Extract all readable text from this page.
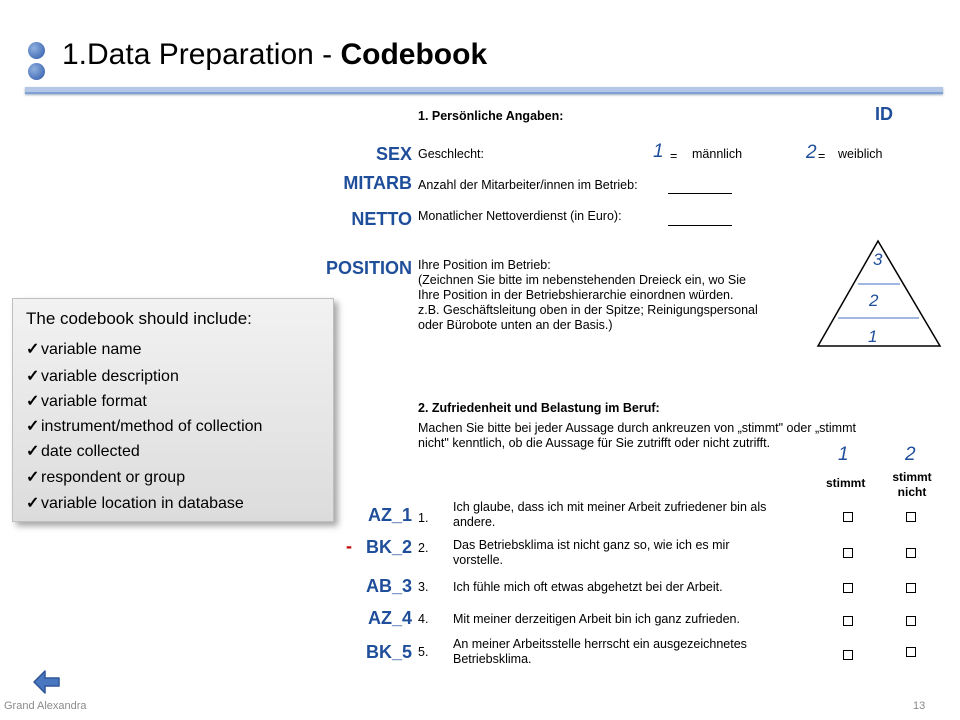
1.Data Preparation - Codebook
ID
1. Persönliche Angaben:
SEX Geschlecht:	1 = männlich	2 = weiblich
MITARB Anzahl der Mitarbeiter/innen im Betrieb:
NETTO Monatlicher Nettoverdienst (in Euro):
POSITION Ihre Position im Betrieb:
(Zeichnen Sie bitte im nebenstehenden Dreieck ein, wo Sie
Ihre Position in der Betriebshierarchie einordnen würden.
z.B. Geschäftsleitung oben in der Spitze; Reinigungspersonal
oder Bürobote unten an der Basis.)
3
2
1
The codebook should include:
✓variable name
✓variable description
✓variable format
✓instrument/method of collection
✓date collected
✓respondent or group
✓variable location in database
2. Zufriedenheit und Belastung im Beruf:
Machen Sie bitte bei jeder Aussage durch ankreuzen von „stimmt" oder „stimmt
nicht" kenntlich, ob die Aussage für Sie zutrifft oder nicht zutrifft.
1	2
stimmt stimmt
nicht
AZ_1 1.
Ich glaube, dass ich mit meiner Arbeit zufriedener bin als
andere.
- BK_2 2. Das Betriebsklima ist nicht ganz so, wie ich es mir
vorstelle.
AB_3 3. Ich fühle mich oft etwas abgehetzt bei der Arbeit.
AZ_4 4. Mit meiner derzeitigen Arbeit bin ich ganz zufrieden.
BK_5 5.
An meiner Arbeitsstelle herrscht ein ausgezeichnetes
Betriebsklima.
Grand Alexandra	13
